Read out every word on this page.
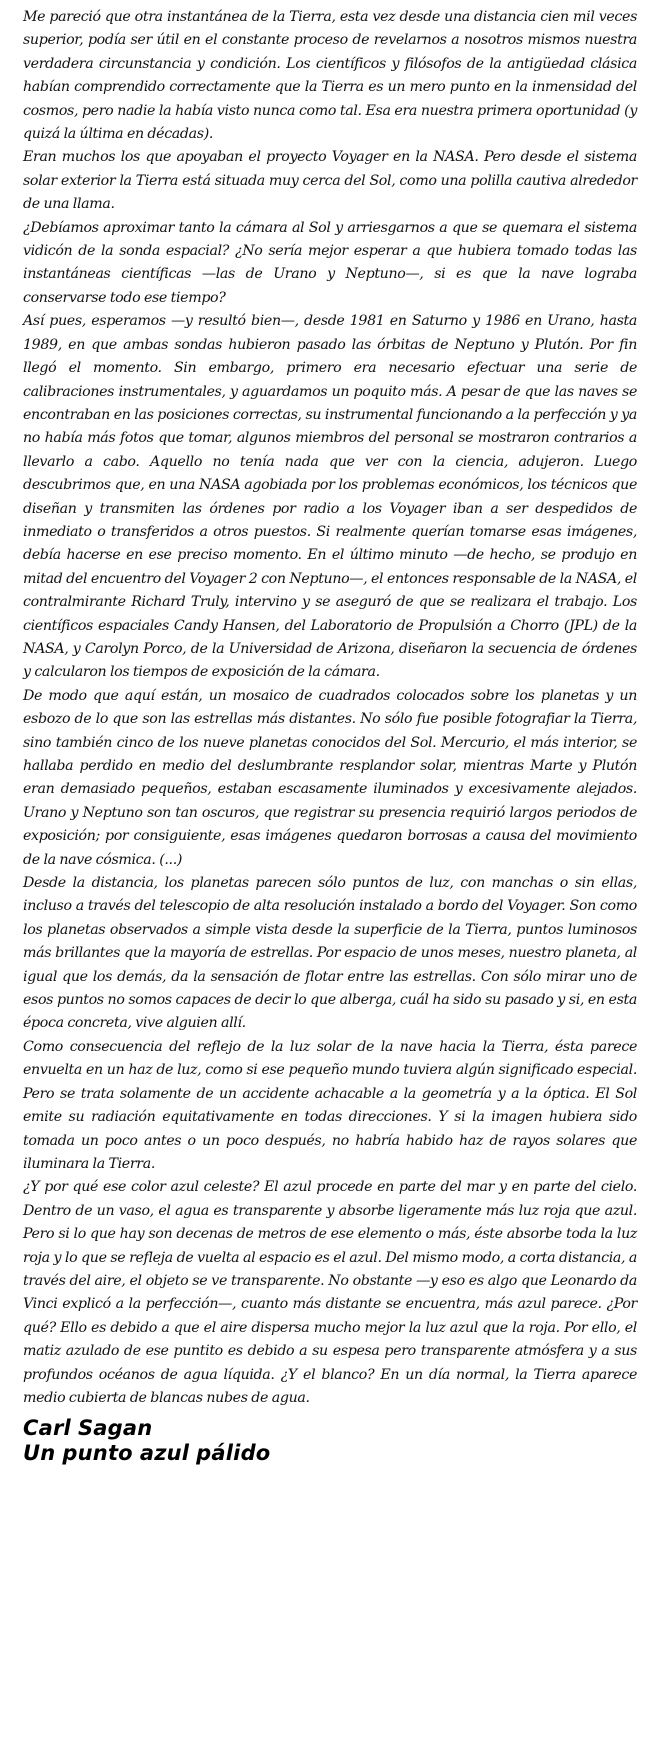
Me pareció que otra instantánea de la Tierra, esta vez desde una distancia cien mil veces superior, podía ser útil en el constante proceso de revelarnos a nosotros mismos nuestra verdadera circunstancia y condición. Los científicos y filósofos de la antigüedad clásica habían comprendido correctamente que la Tierra es un mero punto en la inmensidad del cosmos, pero nadie la había visto nunca como tal. Esa era nuestra primera oportunidad (y quizá la última en décadas).

Eran muchos los que apoyaban el proyecto Voyager en la NASA. Pero desde el sistema solar exterior la Tierra está situada muy cerca del Sol, como una polilla cautiva alrededor de una llama.

¿Debíamos aproximar tanto la cámara al Sol y arriesgarnos a que se quemara el sistema vidicón de la sonda espacial? ¿No sería mejor esperar a que hubiera tomado todas las instantáneas científicas —las de Urano y Neptuno—, si es que la nave lograba conservarse todo ese tiempo?

Así pues, esperamos —y resultó bien—, desde 1981 en Saturno y 1986 en Urano, hasta 1989, en que ambas sondas hubieron pasado las órbitas de Neptuno y Plutón. Por fin llegó el momento. Sin embargo, primero era necesario efectuar una serie de calibraciones instrumentales, y aguardamos un poquito más. A pesar de que las naves se encontraban en las posiciones correctas, su instrumental funcionando a la perfección y ya no había más fotos que tomar, algunos miembros del personal se mostraron contrarios a llevarlo a cabo. Aquello no tenía nada que ver con la ciencia, adujeron. Luego descubrimos que, en una NASA agobiada por los problemas económicos, los técnicos que diseñan y transmiten las órdenes por radio a los Voyager iban a ser despedidos de inmediato o transferidos a otros puestos. Si realmente querían tomarse esas imágenes, debía hacerse en ese preciso momento. En el último minuto —de hecho, se produjo en mitad del encuentro del Voyager 2 con Neptuno—, el entonces responsable de la NASA, el contralmirante Richard Truly, intervino y se aseguró de que se realizara el trabajo. Los científicos espaciales Candy Hansen, del Laboratorio de Propulsión a Chorro (JPL) de la NASA, y Carolyn Porco, de la Universidad de Arizona, diseñaron la secuencia de órdenes y calcularon los tiempos de exposición de la cámara.

De modo que aquí están, un mosaico de cuadrados colocados sobre los planetas y un esbozo de lo que son las estrellas más distantes. No sólo fue posible fotografiar la Tierra, sino también cinco de los nueve planetas conocidos del Sol. Mercurio, el más interior, se hallaba perdido en medio del deslumbrante resplandor solar, mientras Marte y Plutón eran demasiado pequeños, estaban escasamente iluminados y excesivamente alejados. Urano y Neptuno son tan oscuros, que registrar su presencia requirió largos periodos de exposición; por consiguiente, esas imágenes quedaron borrosas a causa del movimiento de la nave cósmica. (...)

Desde la distancia, los planetas parecen sólo puntos de luz, con manchas o sin ellas, incluso a través del telescopio de alta resolución instalado a bordo del Voyager. Son como los planetas observados a simple vista desde la superficie de la Tierra, puntos luminosos más brillantes que la mayoría de estrellas. Por espacio de unos meses, nuestro planeta, al igual que los demás, da la sensación de flotar entre las estrellas. Con sólo mirar uno de esos puntos no somos capaces de decir lo que alberga, cuál ha sido su pasado y si, en esta época concreta, vive alguien allí.

Como consecuencia del reflejo de la luz solar de la nave hacia la Tierra, ésta parece envuelta en un haz de luz, como si ese pequeño mundo tuviera algún significado especial. Pero se trata solamente de un accidente achacable a la geometría y a la óptica. El Sol emite su radiación equitativamente en todas direcciones. Y si la imagen hubiera sido tomada un poco antes o un poco después, no habría habido haz de rayos solares que iluminara la Tierra.

¿Y por qué ese color azul celeste? El azul procede en parte del mar y en parte del cielo. Dentro de un vaso, el agua es transparente y absorbe ligeramente más luz roja que azul. Pero si lo que hay son decenas de metros de ese elemento o más, éste absorbe toda la luz roja y lo que se refleja de vuelta al espacio es el azul. Del mismo modo, a corta distancia, a través del aire, el objeto se ve transparente. No obstante —y eso es algo que Leonardo da Vinci explicó a la perfección—, cuanto más distante se encuentra, más azul parece. ¿Por qué? Ello es debido a que el aire dispersa mucho mejor la luz azul que la roja. Por ello, el matiz azulado de ese puntito es debido a su espesa pero transparente atmósfera y a sus profundos océanos de agua líquida. ¿Y el blanco? En un día normal, la Tierra aparece medio cubierta de blancas nubes de agua.

Carl Sagan
Un punto azul pálido
